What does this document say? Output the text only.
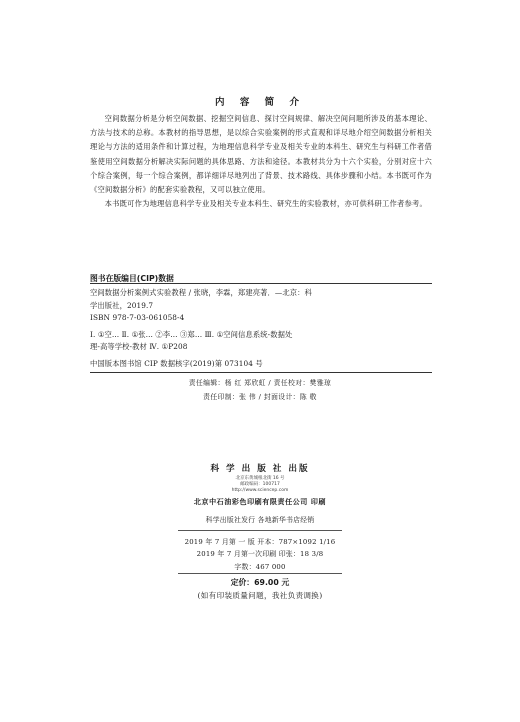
内 容 简 介

空间数据分析是分析空间数据、挖掘空间信息、探讨空间规律、解决空间问题所涉及的基本理论、方法与技术的总称。本教材的指导思想，是以综合实验案例的形式直观和详尽地介绍空间数据分析相关理论与方法的适用条件和计算过程，为地理信息科学专业及相关专业的本科生、研究生与科研工作者借鉴使用空间数据分析解决实际问题的具体思路、方法和途径。本教材共分为十六个实验，分别对应十六个综合案例，每一个综合案例，都详细详尽地列出了背景、技术路线、具体步骤和小结。本书既可作为《空间数据分析》的配套实验教程，又可以独立使用。

本书既可作为地理信息科学专业及相关专业本科生、研究生的实验教材，亦可供科研工作者参考。

图书在版编目(CIP)数据
空间数据分析案例式实验教程 / 张晓，李霖，郑建亮著．—北京：科
学出版社，2019.7
ISBN 978-7-03-061058-4
Ⅰ. ①空… Ⅱ. ①张… ②李… ③郑… Ⅲ. ①空间信息系统-数据处
理-高等学校-教材 Ⅳ. ①P208
中国版本图书馆 CIP 数据核字(2019)第 073104 号
责任编辑：杨 红 郑欣虹 / 责任校对：樊雅琼
责任印制：张 伟 / 封面设计：陈 敬
科 学 出 版 社 出版
北京东黄城根北街 16 号
邮政编码：100717
http://www.sciencep.com
北京中石油彩色印刷有限责任公司 印刷
科学出版社发行 各地新华书店经销
2019 年 7 月第 一 版 开本：787×1092 1/16
2019 年 7 月第一次印刷 印张：18 3/8
字数：467 000
定价：69.00 元
(如有印装质量问题，我社负责调换)
